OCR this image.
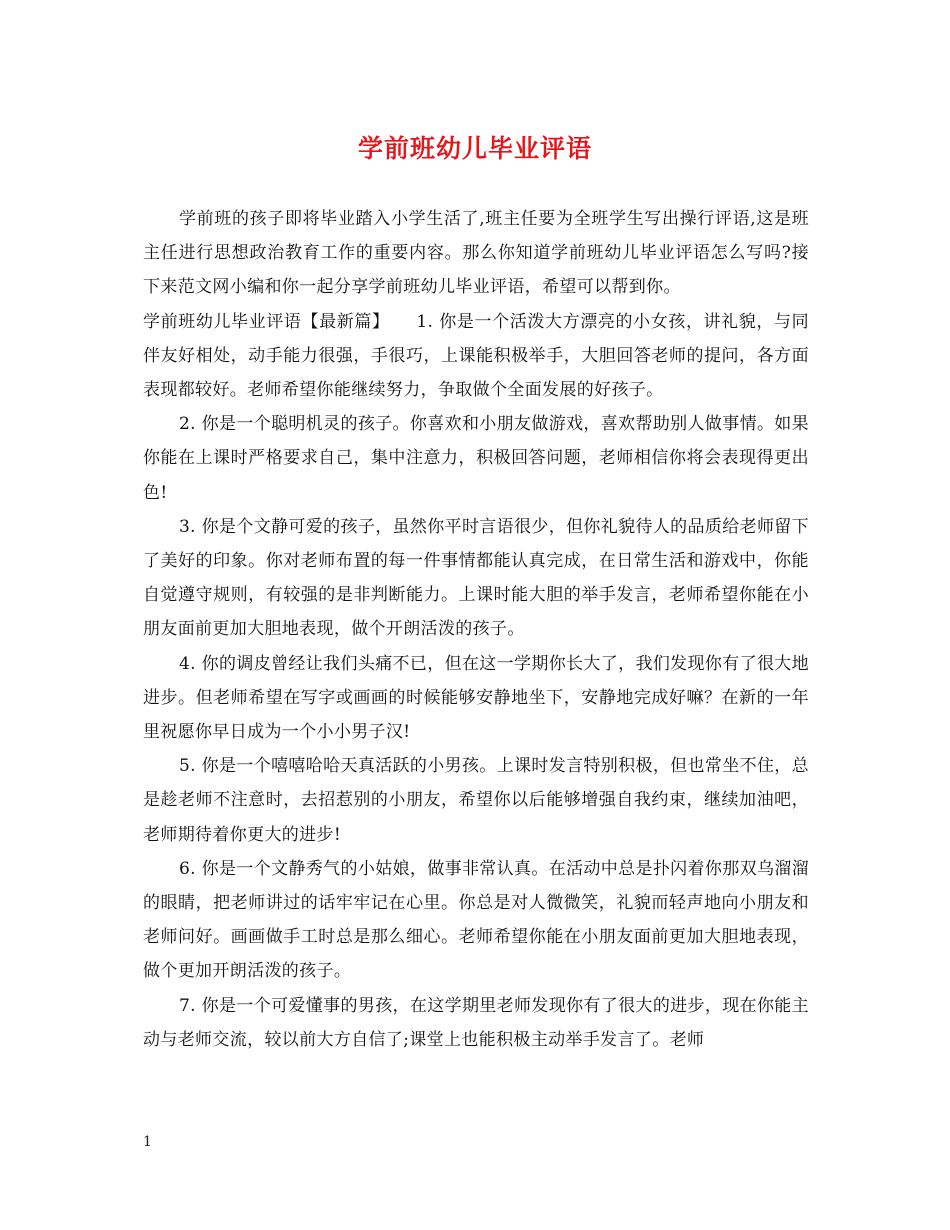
学前班幼儿毕业评语

学前班的孩子即将毕业踏入小学生活了,班主任要为全班学生写出操行评语,这是班主任进行思想政治教育工作的重要内容。那么你知道学前班幼儿毕业评语怎么写吗?接下来范文网小编和你一起分享学前班幼儿毕业评语，希望可以帮到你。

学前班幼儿毕业评语【最新篇】　　1. 你是一个活泼大方漂亮的小女孩，讲礼貌，与同伴友好相处，动手能力很强，手很巧，上课能积极举手，大胆回答老师的提问，各方面表现都较好。老师希望你能继续努力，争取做个全面发展的好孩子。

2. 你是一个聪明机灵的孩子。你喜欢和小朋友做游戏，喜欢帮助别人做事情。如果你能在上课时严格要求自己，集中注意力，积极回答问题，老师相信你将会表现得更出色!

3. 你是个文静可爱的孩子，虽然你平时言语很少，但你礼貌待人的品质给老师留下了美好的印象。你对老师布置的每一件事情都能认真完成，在日常生活和游戏中，你能自觉遵守规则，有较强的是非判断能力。上课时能大胆的举手发言，老师希望你能在小朋友面前更加大胆地表现，做个开朗活泼的孩子。

4. 你的调皮曾经让我们头痛不已，但在这一学期你长大了，我们发现你有了很大地进步。但老师希望在写字或画画的时候能够安静地坐下，安静地完成好嘛？在新的一年里祝愿你早日成为一个小小男子汉!

5. 你是一个嘻嘻哈哈天真活跃的小男孩。上课时发言特别积极，但也常坐不住，总是趁老师不注意时，去招惹别的小朋友，希望你以后能够增强自我约束，继续加油吧，老师期待着你更大的进步!

6. 你是一个文静秀气的小姑娘，做事非常认真。在活动中总是扑闪着你那双乌溜溜的眼睛，把老师讲过的话牢牢记在心里。你总是对人微微笑，礼貌而轻声地向小朋友和老师问好。画画做手工时总是那么细心。老师希望你能在小朋友面前更加大胆地表现，做个更加开朗活泼的孩子。

7. 你是一个可爱懂事的男孩，在这学期里老师发现你有了很大的进步，现在你能主动与老师交流，较以前大方自信了;课堂上也能积极主动举手发言了。老师

1
